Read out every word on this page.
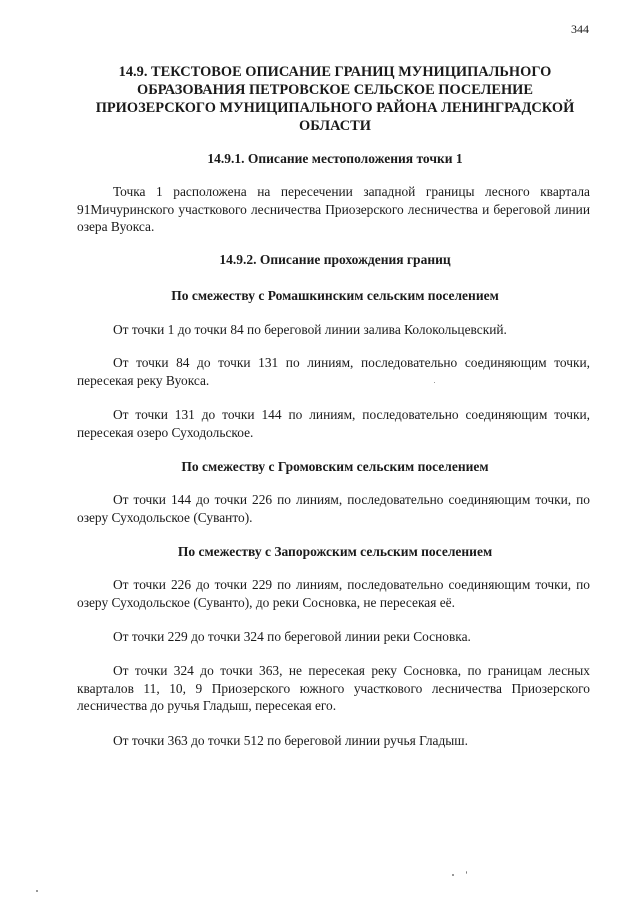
344
14.9. ТЕКСТОВОЕ ОПИСАНИЕ ГРАНИЦ МУНИЦИПАЛЬНОГО ОБРАЗОВАНИЯ ПЕТРОВСКОЕ СЕЛЬСКОЕ ПОСЕЛЕНИЕ ПРИОЗЕРСКОГО МУНИЦИПАЛЬНОГО РАЙОНА ЛЕНИНГРАДСКОЙ ОБЛАСТИ
14.9.1. Описание местоположения точки 1

Точка 1 расположена на пересечении западной границы лесного квартала 91Мичуринского участкового лесничества Приозерского лесничества и береговой линии озера Вуокса.

14.9.2. Описание прохождения границ
По смежеству с Ромашкинским сельским поселением

От точки 1 до точки 84 по береговой линии залива Колокольцевский.

От точки 84 до точки 131 по линиям, последовательно соединяющим точки, пересекая реку Вуокса.

От точки 131 до точки 144 по линиям, последовательно соединяющим точки, пересекая озеро Суходольское.

По смежеству с Громовским сельским поселением

От точки 144 до точки 226 по линиям, последовательно соединяющим точки, по озеру Суходольское (Суванто).

По смежеству с Запорожским сельским поселением

От точки 226 до точки 229 по линиям, последовательно соединяющим точки, по озеру Суходольское (Суванто), до реки Сосновка, не пересекая её.

От точки 229 до точки 324 по береговой линии реки Сосновка.

От точки 324 до точки 363, не пересекая реку Сосновка, по границам лесных кварталов 11, 10, 9 Приозерского южного участкового лесничества Приозерского лесничества до ручья Гладыш, пересекая его.

От точки 363 до точки 512 по береговой линии ручья Гладыш.
